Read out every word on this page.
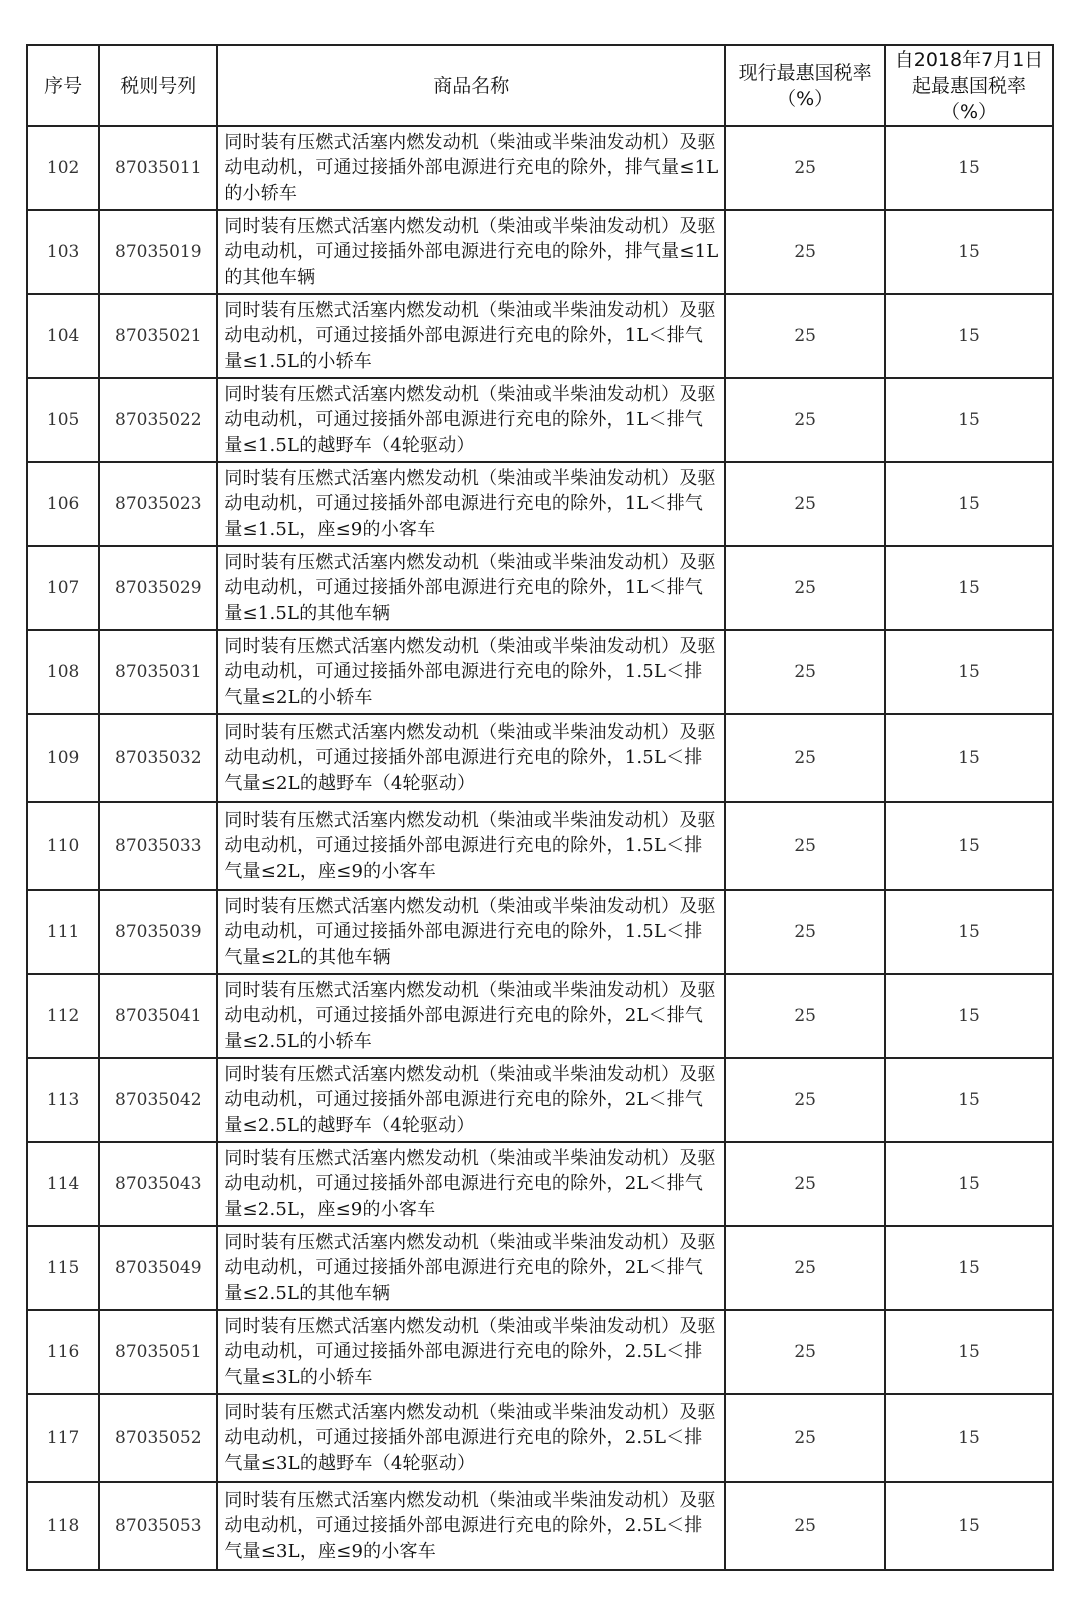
序号	税则号列	商品名称	现行最惠国税率（%）	自2018年7月1日起最惠国税率（%）
102	87035011	同时装有压燃式活塞内燃发动机（柴油或半柴油发动机）及驱动电动机，可通过接插外部电源进行充电的除外，排气量≤1L的小轿车	25	15
103	87035019	同时装有压燃式活塞内燃发动机（柴油或半柴油发动机）及驱动电动机，可通过接插外部电源进行充电的除外，排气量≤1L的其他车辆	25	15
104	87035021	同时装有压燃式活塞内燃发动机（柴油或半柴油发动机）及驱动电动机，可通过接插外部电源进行充电的除外，1L＜排气量≤1.5L的小轿车	25	15
105	87035022	同时装有压燃式活塞内燃发动机（柴油或半柴油发动机）及驱动电动机，可通过接插外部电源进行充电的除外，1L＜排气量≤1.5L的越野车（4轮驱动）	25	15
106	87035023	同时装有压燃式活塞内燃发动机（柴油或半柴油发动机）及驱动电动机，可通过接插外部电源进行充电的除外，1L＜排气量≤1.5L，座≤9的小客车	25	15
107	87035029	同时装有压燃式活塞内燃发动机（柴油或半柴油发动机）及驱动电动机，可通过接插外部电源进行充电的除外，1L＜排气量≤1.5L的其他车辆	25	15
108	87035031	同时装有压燃式活塞内燃发动机（柴油或半柴油发动机）及驱动电动机，可通过接插外部电源进行充电的除外，1.5L＜排气量≤2L的小轿车	25	15
109	87035032	同时装有压燃式活塞内燃发动机（柴油或半柴油发动机）及驱动电动机，可通过接插外部电源进行充电的除外，1.5L＜排气量≤2L的越野车（4轮驱动）	25	15
110	87035033	同时装有压燃式活塞内燃发动机（柴油或半柴油发动机）及驱动电动机，可通过接插外部电源进行充电的除外，1.5L＜排气量≤2L，座≤9的小客车	25	15
111	87035039	同时装有压燃式活塞内燃发动机（柴油或半柴油发动机）及驱动电动机，可通过接插外部电源进行充电的除外，1.5L＜排气量≤2L的其他车辆	25	15
112	87035041	同时装有压燃式活塞内燃发动机（柴油或半柴油发动机）及驱动电动机，可通过接插外部电源进行充电的除外，2L＜排气量≤2.5L的小轿车	25	15
113	87035042	同时装有压燃式活塞内燃发动机（柴油或半柴油发动机）及驱动电动机，可通过接插外部电源进行充电的除外，2L＜排气量≤2.5L的越野车（4轮驱动）	25	15
114	87035043	同时装有压燃式活塞内燃发动机（柴油或半柴油发动机）及驱动电动机，可通过接插外部电源进行充电的除外，2L＜排气量≤2.5L，座≤9的小客车	25	15
115	87035049	同时装有压燃式活塞内燃发动机（柴油或半柴油发动机）及驱动电动机，可通过接插外部电源进行充电的除外，2L＜排气量≤2.5L的其他车辆	25	15
116	87035051	同时装有压燃式活塞内燃发动机（柴油或半柴油发动机）及驱动电动机，可通过接插外部电源进行充电的除外，2.5L＜排气量≤3L的小轿车	25	15
117	87035052	同时装有压燃式活塞内燃发动机（柴油或半柴油发动机）及驱动电动机，可通过接插外部电源进行充电的除外，2.5L＜排气量≤3L的越野车（4轮驱动）	25	15
118	87035053	同时装有压燃式活塞内燃发动机（柴油或半柴油发动机）及驱动电动机，可通过接插外部电源进行充电的除外，2.5L＜排气量≤3L，座≤9的小客车	25	15
